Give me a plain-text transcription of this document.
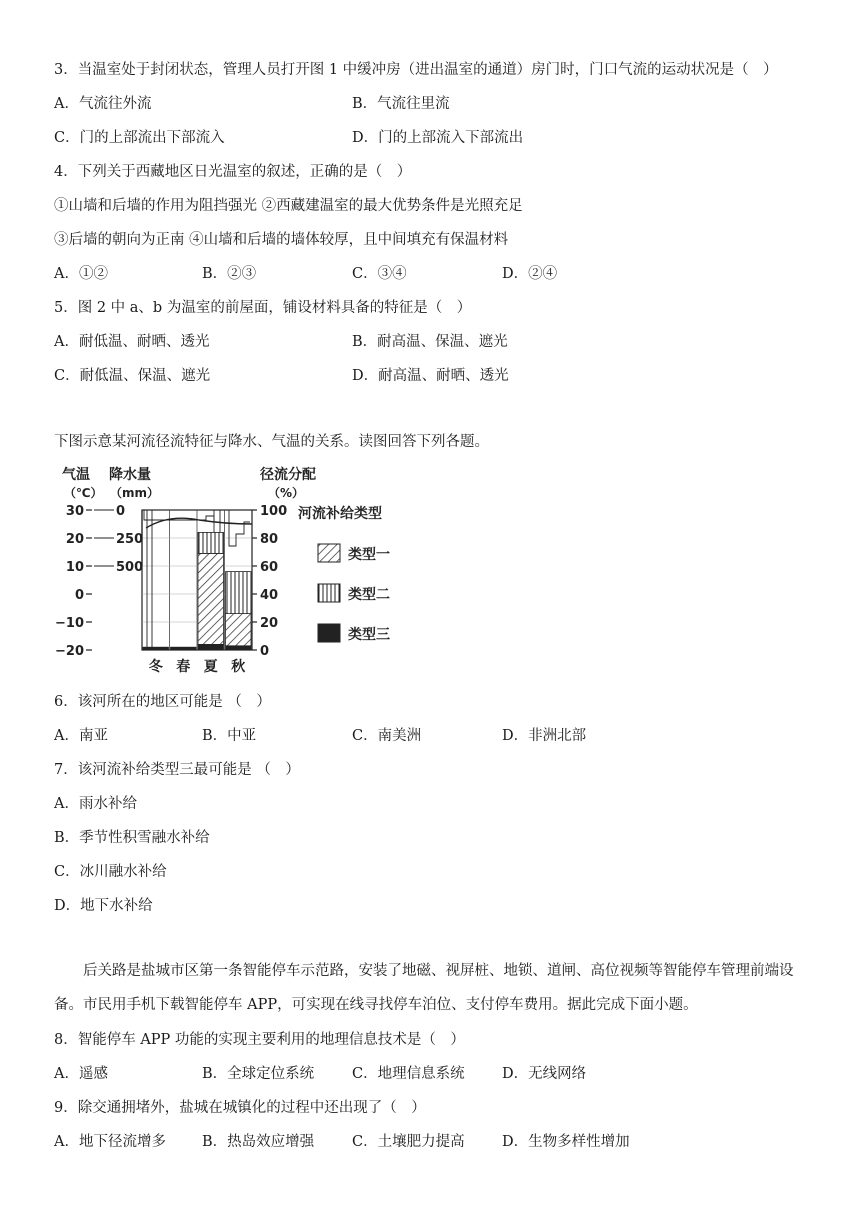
3．当温室处于封闭状态，管理人员打开图 1 中缓冲房（进出温室的通道）房门时，门口气流的运动状况是（　）
A．气流往外流	B．气流往里流
C．门的上部流出下部流入	D．门的上部流入下部流出
4．下列关于西藏地区日光温室的叙述，正确的是（　）
①山墙和后墙的作用为阻挡强光 ②西藏建温室的最大优势条件是光照充足
③后墙的朝向为正南 ④山墙和后墙的墙体较厚，且中间填充有保温材料
A．①②	B．②③	C．③④	D．②④
5．图 2 中 a、b 为温室的前屋面，铺设材料具备的特征是（　）
A．耐低温、耐晒、透光	B．耐高温、保温、遮光
C．耐低温、保温、遮光	D．耐高温、耐晒、透光
下图示意某河流径流特征与降水、气温的关系。读图回答下列各题。
气温
（℃）
降水量
（mm）
径流分配
（%）
30
20
10
0
−10
−20
0
250
500
100
80
60
40
20
0
冬 春 夏 秋
河流补给类型
类型一
类型二
类型三
6．该河所在的地区可能是 （　）
A．南亚	B．中亚	C．南美洲	D．非洲北部
7．该河流补给类型三最可能是 （　）
A．雨水补给
B．季节性积雪融水补给
C．冰川融水补给
D．地下水补给
后关路是盐城市区第一条智能停车示范路，安装了地磁、视屏桩、地锁、道闸、高位视频等智能停车管理前端设备。市民用手机下载智能停车 APP，可实现在线寻找停车泊位、支付停车费用。据此完成下面小题。
8．智能停车 APP 功能的实现主要利用的地理信息技术是（　）
A．遥感	B．全球定位系统	C．地理信息系统	D．无线网络
9．除交通拥堵外，盐城在城镇化的过程中还出现了（　）
A．地下径流增多 B．热岛效应增强	C．土壤肥力提高	D．生物多样性增加
